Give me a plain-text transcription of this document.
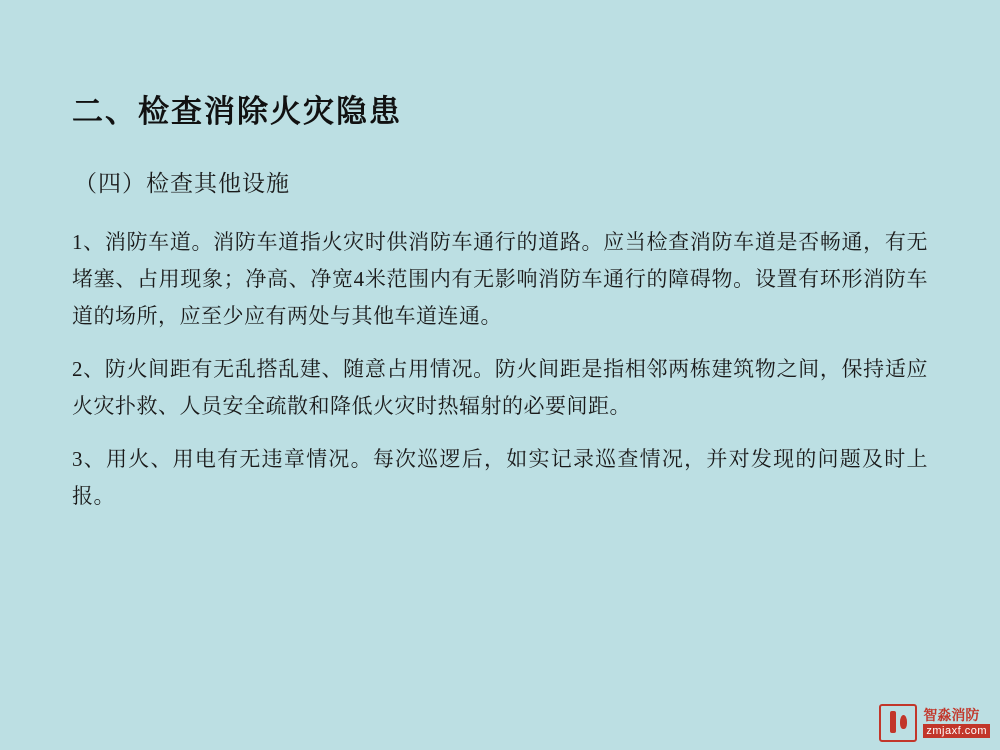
二、检查消除火灾隐患
（四）检查其他设施

1、消防车道。消防车道指火灾时供消防车通行的道路。应当检查消防车道是否畅通，有无堵塞、占用现象；净高、净宽4米范围内有无影响消防车通行的障碍物。设置有环形消防车道的场所，应至少应有两处与其他车道连通。

2、防火间距有无乱搭乱建、随意占用情况。防火间距是指相邻两栋建筑物之间，保持适应火灾扑救、人员安全疏散和降低火灾时热辐射的必要间距。

3、用火、用电有无违章情况。每次巡逻后，如实记录巡查情况，并对发现的问题及时上报。

智淼消防
zmjaxf.com
